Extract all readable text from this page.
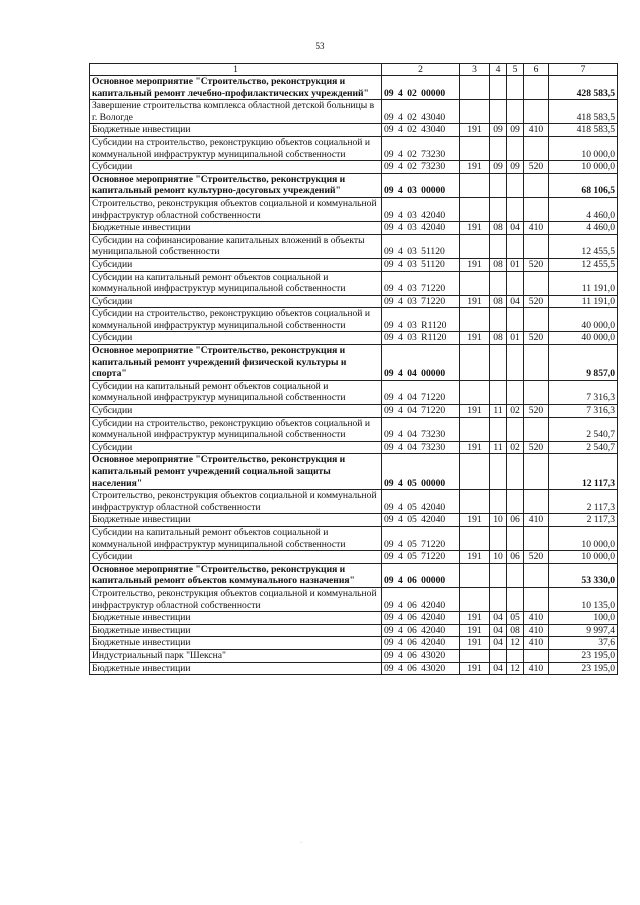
53
1	2	3	4	5	6	7
Основное мероприятие "Строительство, реконструкция и капитальный ремонт лечебно-профилактических учреждений"	09 4 02 00000					428 583,5
Завершение строительства комплекса областной детской больницы в г. Вологде	09 4 02 43040					418 583,5
Бюджетные инвестиции	09 4 02 43040	191	09	09	410	418 583,5
Субсидии на строительство, реконструкцию объектов социальной и коммунальной инфраструктур муниципальной собственности	09 4 02 73230					10 000,0
Субсидии	09 4 02 73230	191	09	09	520	10 000,0
Основное мероприятие "Строительство, реконструкция и капитальный ремонт культурно-досуговых учреждений"	09 4 03 00000					68 106,5
Строительство, реконструкция объектов социальной и коммунальной инфраструктур областной собственности	09 4 03 42040					4 460,0
Бюджетные инвестиции	09 4 03 42040	191	08	04	410	4 460,0
Субсидии на софинансирование капитальных вложений в объекты муниципальной собственности	09 4 03 51120					12 455,5
Субсидии	09 4 03 51120	191	08	01	520	12 455,5
Субсидии на капитальный ремонт объектов социальной и коммунальной инфраструктур муниципальной собственности	09 4 03 71220					11 191,0
Субсидии	09 4 03 71220	191	08	04	520	11 191,0
Субсидии на строительство, реконструкцию объектов социальной и коммунальной инфраструктур муниципальной собственности	09 4 03 R1120					40 000,0
Субсидии	09 4 03 R1120	191	08	01	520	40 000,0
Основное мероприятие "Строительство, реконструкция и капитальный ремонт учреждений физической культуры и спорта"	09 4 04 00000					9 857,0
Субсидии на капитальный ремонт объектов социальной и коммунальной инфраструктур муниципальной собственности	09 4 04 71220					7 316,3
Субсидии	09 4 04 71220	191	11	02	520	7 316,3
Субсидии на строительство, реконструкцию объектов социальной и коммунальной инфраструктур муниципальной собственности	09 4 04 73230					2 540,7
Субсидии	09 4 04 73230	191	11	02	520	2 540,7
Основное мероприятие "Строительство, реконструкция и капитальный ремонт учреждений социальной защиты населения"	09 4 05 00000					12 117,3
Строительство, реконструкция объектов социальной и коммунальной инфраструктур областной собственности	09 4 05 42040					2 117,3
Бюджетные инвестиции	09 4 05 42040	191	10	06	410	2 117,3
Субсидии на капитальный ремонт объектов социальной и коммунальной инфраструктур муниципальной собственности	09 4 05 71220					10 000,0
Субсидии	09 4 05 71220	191	10	06	520	10 000,0
Основное мероприятие "Строительство, реконструкция и капитальный ремонт объектов коммунального назначения"	09 4 06 00000					53 330,0
Строительство, реконструкция объектов социальной и коммунальной инфраструктур областной собственности	09 4 06 42040					10 135,0
Бюджетные инвестиции	09 4 06 42040	191	04	05	410	100,0
Бюджетные инвестиции	09 4 06 42040	191	04	08	410	9 997,4
Бюджетные инвестиции	09 4 06 42040	191	04	12	410	37,6
Индустриальный парк "Шексна"	09 4 06 43020					23 195,0
Бюджетные инвестиции	09 4 06 43020	191	04	12	410	23 195,0
·
